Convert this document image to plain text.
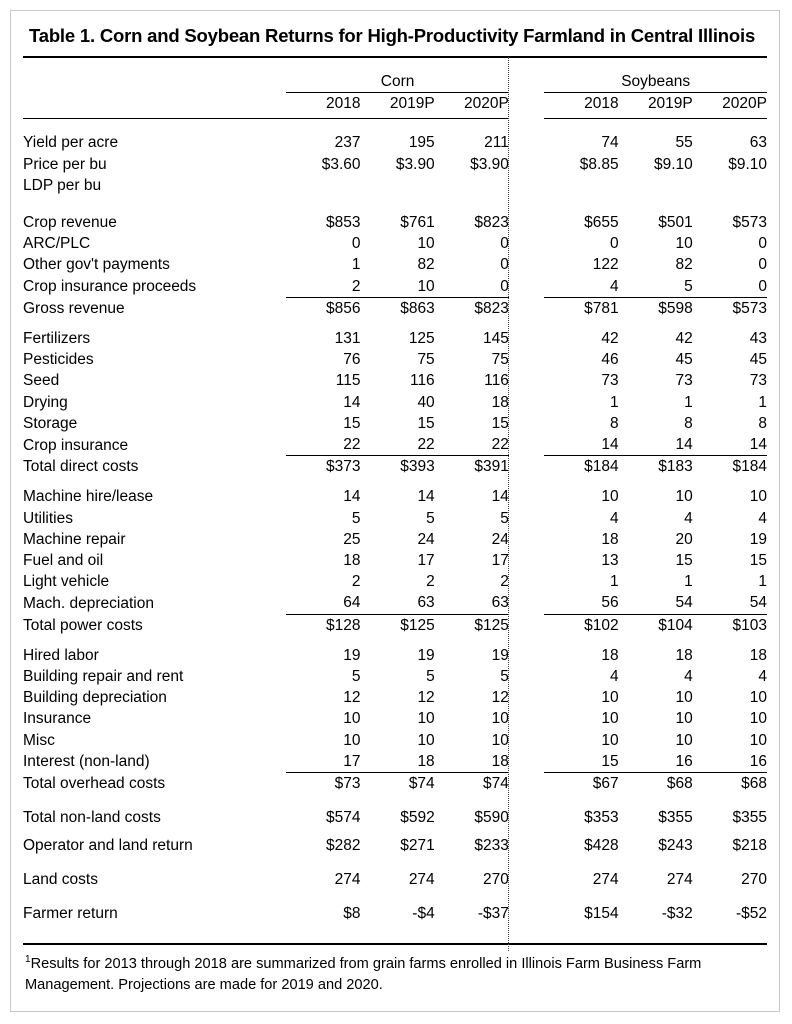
Table 1. Corn and Soybean Returns for High-Productivity Farmland in Central Illinois

	Corn				Soybeans		
	2018	2019P	2020P		2018	2019P	2020P

Yield per acre	237	195	211		74	55	63
Price per bu	$3.60	$3.90	$3.90		$8.85	$9.10	$9.10
LDP per bu							

Crop revenue	$853	$761	$823		$655	$501	$573
ARC/PLC	0	10	0		0	10	0
Other gov't payments	1	82	0		122	82	0
Crop insurance proceeds	2	10	0		4	5	0
Gross revenue	$856	$863	$823		$781	$598	$573

Fertilizers	131	125	145		42	42	43
Pesticides	76	75	75		46	45	45
Seed	115	116	116		73	73	73
Drying	14	40	18		1	1	1
Storage	15	15	15		8	8	8
Crop insurance	22	22	22		14	14	14
Total direct costs	$373	$393	$391		$184	$183	$184

Machine hire/lease	14	14	14		10	10	10
Utilities	5	5	5		4	4	4
Machine repair	25	24	24		18	20	19
Fuel and oil	18	17	17		13	15	15
Light vehicle	2	2	2		1	1	1
Mach. depreciation	64	63	63		56	54	54
Total power costs	$128	$125	$125		$102	$104	$103

Hired labor	19	19	19		18	18	18
Building repair and rent	5	5	5		4	4	4
Building depreciation	12	12	12		10	10	10
Insurance	10	10	10		10	10	10
Misc	10	10	10		10	10	10
Interest (non-land)	17	18	18		15	16	16
Total overhead costs	$73	$74	$74		$67	$68	$68

Total non-land costs	$574	$592	$590		$353	$355	$355

Operator and land return	$282	$271	$233		$428	$243	$218

Land costs	274	274	270		274	274	270

Farmer return	$8	-$4	-$37		$154	-$32	-$52

$^1$Results for 2013 through 2018 are summarized from grain farms enrolled in Illinois Farm Business Farm Management. Projections are made for 2019 and 2020.
